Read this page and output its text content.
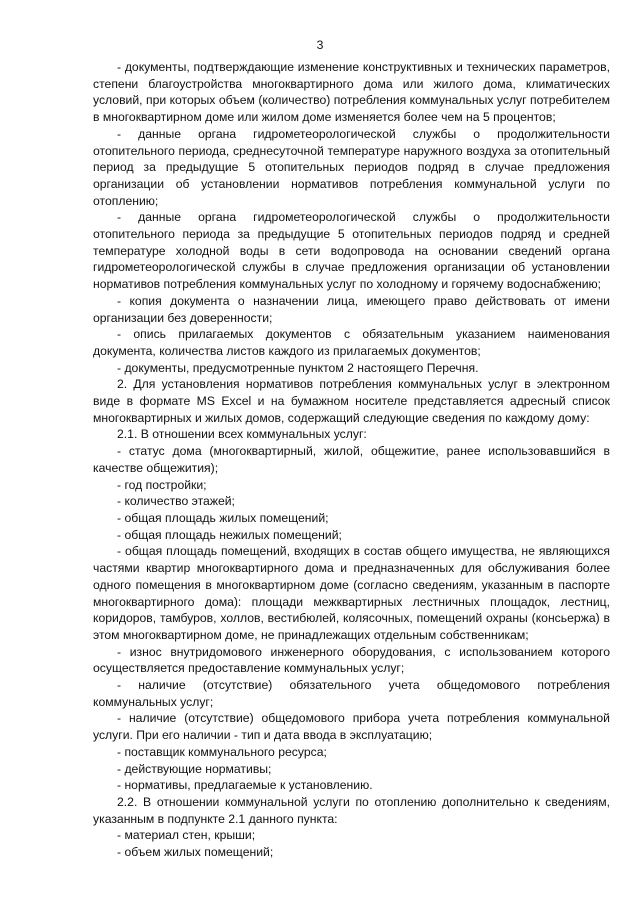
3

- документы, подтверждающие изменение конструктивных и технических параметров, степени благоустройства многоквартирного дома или жилого дома, климатических условий, при которых объем (количество) потребления коммунальных услуг потребителем в многоквартирном доме или жилом доме изменяется более чем на 5 процентов;

- данные органа гидрометеорологической службы о продолжительности отопительного периода, среднесуточной температуре наружного воздуха за отопительный период за предыдущие 5 отопительных периодов подряд в случае предложения организации об установлении нормативов потребления коммунальной услуги по отоплению;

- данные органа гидрометеорологической службы о продолжительности отопительного периода за предыдущие 5 отопительных периодов подряд и средней температуре холодной воды в сети водопровода на основании сведений органа гидрометеорологической службы в случае предложения организации об установлении нормативов потребления коммунальных услуг по холодному и горячему водоснабжению;

- копия документа о назначении лица, имеющего право действовать от имени организации без доверенности;

- опись прилагаемых документов с обязательным указанием наименования документа, количества листов каждого из прилагаемых документов;

- документы, предусмотренные пунктом 2 настоящего Перечня.

2. Для установления нормативов потребления коммунальных услуг в электронном виде в формате MS Excel и на бумажном носителе представляется адресный список многоквартирных и жилых домов, содержащий следующие сведения по каждому дому:

2.1. В отношении всех коммунальных услуг:

- статус дома (многоквартирный, жилой, общежитие, ранее использовавшийся в качестве общежития);

- год постройки;

- количество этажей;

- общая площадь жилых помещений;

- общая площадь нежилых помещений;

- общая площадь помещений, входящих в состав общего имущества, не являющихся частями квартир многоквартирного дома и предназначенных для обслуживания более одного помещения в многоквартирном доме (согласно сведениям, указанным в паспорте многоквартирного дома): площади межквартирных лестничных площадок, лестниц, коридоров, тамбуров, холлов, вестибюлей, колясочных, помещений охраны (консьержа) в этом многоквартирном доме, не принадлежащих отдельным собственникам;

- износ внутридомового инженерного оборудования, с использованием которого осуществляется предоставление коммунальных услуг;

- наличие (отсутствие) обязательного учета общедомового потребления коммунальных услуг;

- наличие (отсутствие) общедомового прибора учета потребления коммунальной услуги. При его наличии - тип и дата ввода в эксплуатацию;

- поставщик коммунального ресурса;

- действующие нормативы;

- нормативы, предлагаемые к установлению.

2.2. В отношении коммунальной услуги по отоплению дополнительно к сведениям, указанным в подпункте 2.1 данного пункта:

- материал стен, крыши;

- объем жилых помещений;
